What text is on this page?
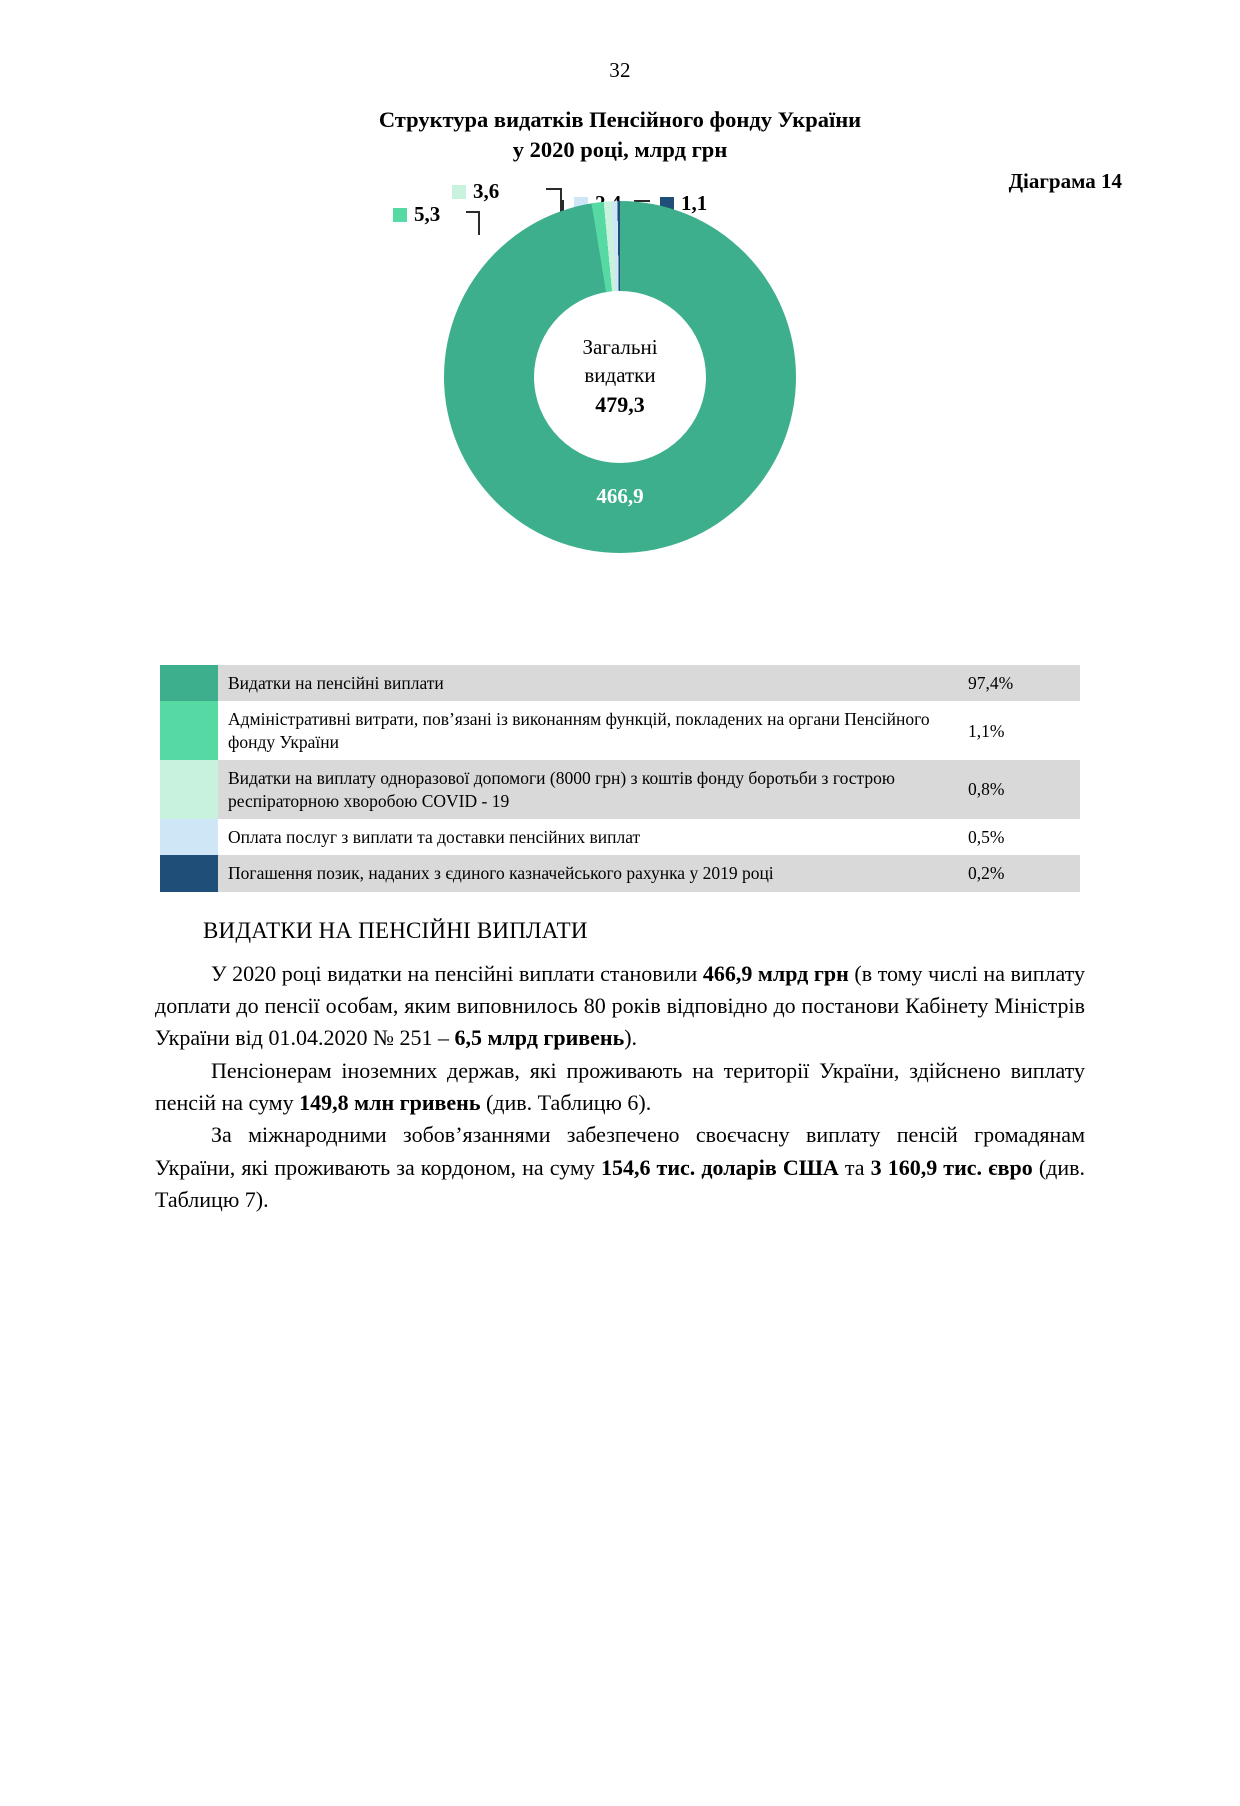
32
Структура видатків Пенсійного фонду України
у 2020 році, млрд грн
Діаграма 14
5,3
3,6	1,1
Загальні
видатки
479,3
466,9
	Видатки на пенсійні виплати	97,4%

	Адміністративні витрати, пов’язані із виконанням функцій, покладених на органи Пенсійного фонду України	1,1%

	Видатки на виплату одноразової допомоги (8000 грн) з коштів фонду боротьби з гострою респіраторною хворобою COVID - 19	0,8%

	Оплата послуг з виплати та доставки пенсійних виплат	0,5%

	Погашення позик, наданих з єдиного казначейського рахунка у 2019 році	0,2%
ВИДАТКИ НА ПЕНСІЙНІ ВИПЛАТИ

У 2020 році видатки на пенсійні виплати становили 466,9 млрд грн (в тому числі на виплату доплати до пенсії особам, яким виповнилось 80 років відповідно до постанови Кабінету Міністрів України від 01.04.2020 № 251 – 6,5 млрд гривень).

Пенсіонерам іноземних держав, які проживають на території України, здійснено виплату пенсій на суму 149,8 млн гривень (див. Таблицю 6).

За міжнародними зобов’язаннями забезпечено своєчасну виплату пенсій громадянам України, які проживають за кордоном, на суму 154,6 тис. доларів США та 3 160,9 тис. євро (див. Таблицю 7).
